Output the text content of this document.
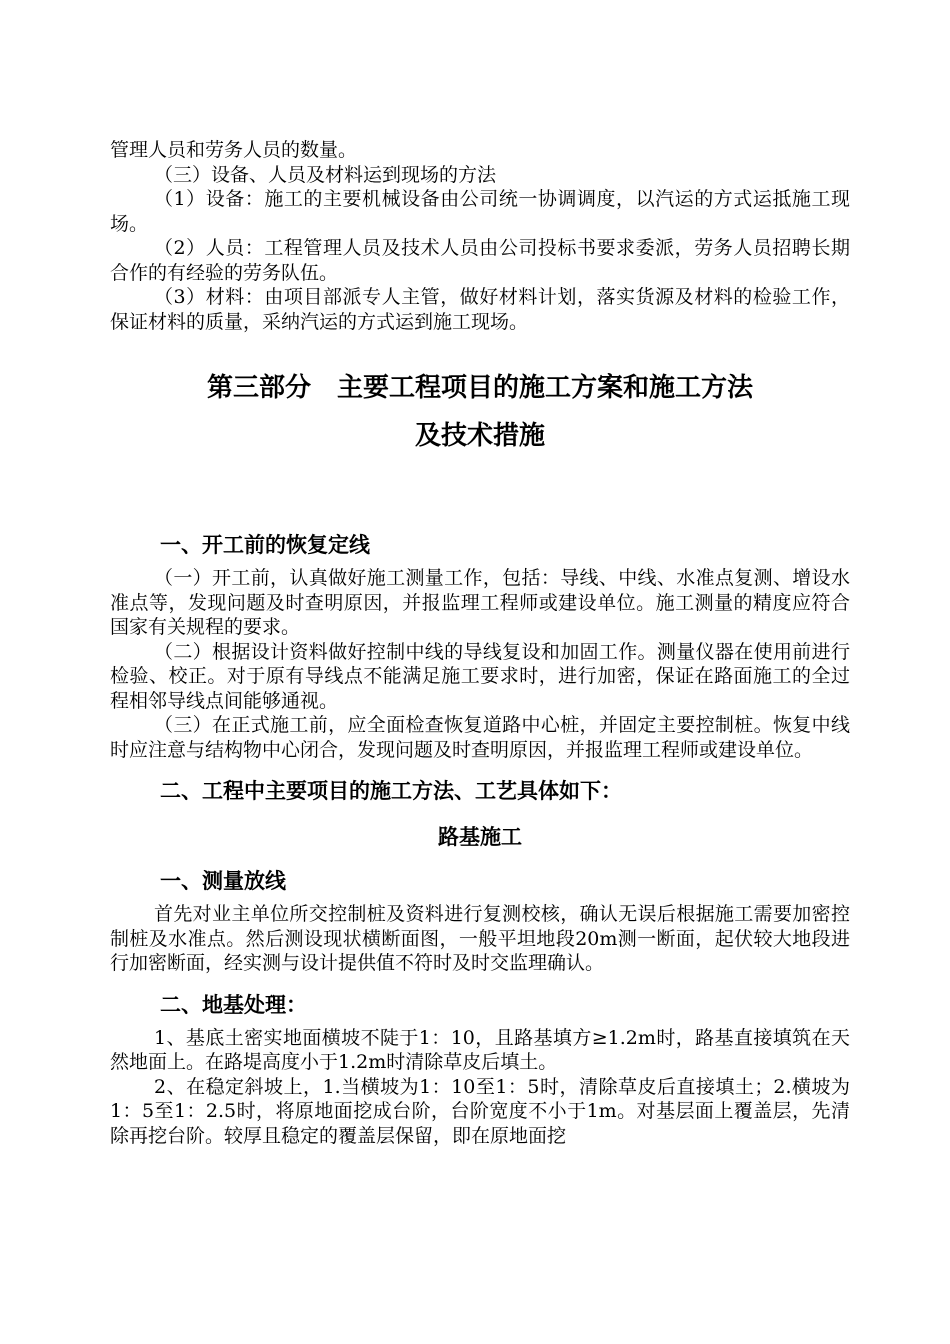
管理人员和劳务人员的数量。

（三）设备、人员及材料运到现场的方法

（1）设备：施工的主要机械设备由公司统一协调调度，以汽运的方式运抵施工现场。

（2）人员：工程管理人员及技术人员由公司投标书要求委派，劳务人员招聘长期合作的有经验的劳务队伍。

（3）材料：由项目部派专人主管，做好材料计划，落实货源及材料的检验工作，保证材料的质量，采纳汽运的方式运到施工现场。

第三部分　主要工程项目的施工方案和施工方法

及技术措施

一、开工前的恢复定线

（一）开工前，认真做好施工测量工作，包括：导线、中线、水准点复测、增设水准点等，发现问题及时查明原因，并报监理工程师或建设单位。施工测量的精度应符合国家有关规程的要求。

（二）根据设计资料做好控制中线的导线复设和加固工作。测量仪器在使用前进行检验、校正。对于原有导线点不能满足施工要求时，进行加密，保证在路面施工的全过程相邻导线点间能够通视。

（三）在正式施工前，应全面检查恢复道路中心桩，并固定主要控制桩。恢复中线时应注意与结构物中心闭合，发现问题及时查明原因，并报监理工程师或建设单位。

二、工程中主要项目的施工方法、工艺具体如下：

路基施工

一、测量放线

首先对业主单位所交控制桩及资料进行复测校核，确认无误后根据施工需要加密控制桩及水准点。然后测设现状横断面图，一般平坦地段20m测一断面，起伏较大地段进行加密断面，经实测与设计提供值不符时及时交监理确认。

二、地基处理：

1、基底土密实地面横坡不陡于1：10，且路基填方≥1.2m时，路基直接填筑在天然地面上。在路堤高度小于1.2m时清除草皮后填土。

2、在稳定斜坡上，1.当横坡为1：10至1：5时，清除草皮后直接填土；2.横坡为1：5至1：2.5时，将原地面挖成台阶，台阶宽度不小于1m。对基层面上覆盖层，先清除再挖台阶。较厚且稳定的覆盖层保留，即在原地面挖
